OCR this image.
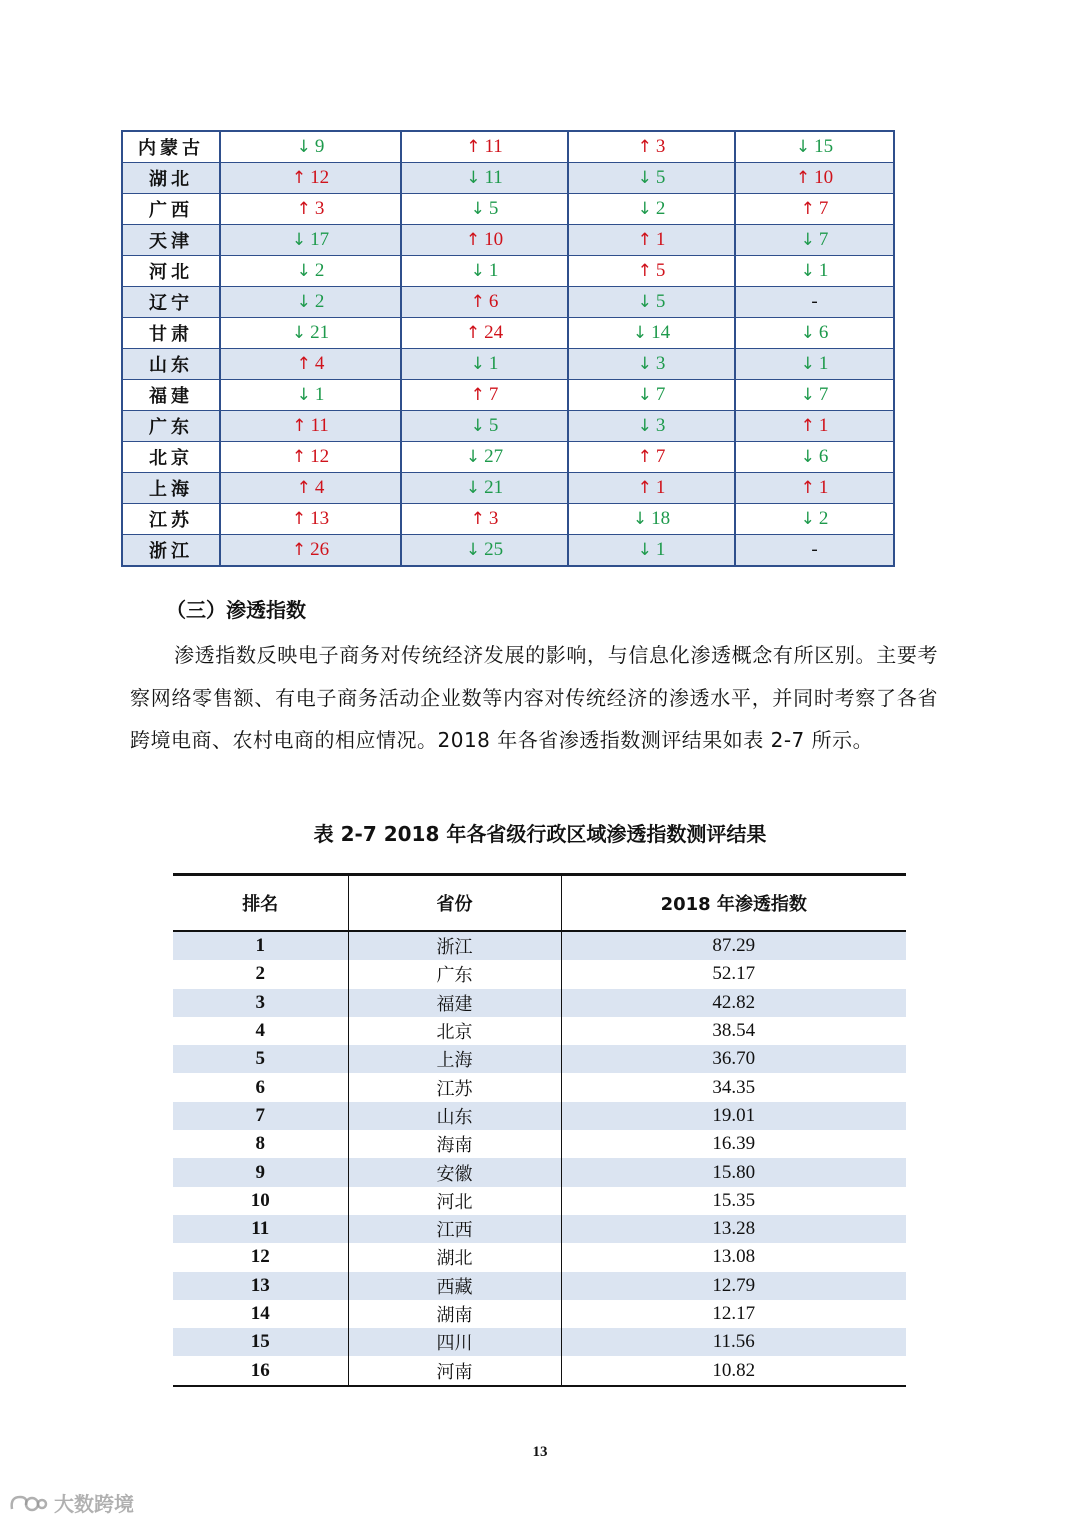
内蒙古	↓ 9	↑ 11	↑ 3	↓ 15
湖北	↑ 12	↓ 11	↓ 5	↑ 10
广西	↑ 3	↓ 5	↓ 2	↑ 7
天津	↓ 17	↑ 10	↑ 1	↓ 7
河北	↓ 2	↓ 1	↑ 5	↓ 1
辽宁	↓ 2	↑ 6	↓ 5	-
甘肃	↓ 21	↑ 24	↓ 14	↓ 6
山东	↑ 4	↓ 1	↓ 3	↓ 1
福建	↓ 1	↑ 7	↓ 7	↓ 7
广东	↑ 11	↓ 5	↓ 3	↑ 1
北京	↑ 12	↓ 27	↑ 7	↓ 6
上海	↑ 4	↓ 21	↑ 1	↑ 1
江苏	↑ 13	↑ 3	↓ 18	↓ 2
浙江	↑ 26	↓ 25	↓ 1	-
（三）渗透指数

渗透指数反映电子商务对传统经济发展的影响，与信息化渗透概念有所区别。主要考察网络零售额、有电子商务活动企业数等内容对传统经济的渗透水平，并同时考察了各省跨境电商、农村电商的相应情况。2018 年各省渗透指数测评结果如表 2-7 所示。

表 2-7 2018 年各省级行政区域渗透指数测评结果

排名	省份	2018 年渗透指数
1	浙江	87.29
2	广东	52.17
3	福建	42.82
4	北京	38.54
5	上海	36.70
6	江苏	34.35
7	山东	19.01
8	海南	16.39
9	安徽	15.80
10	河北	15.35
11	江西	13.28
12	湖北	13.08
13	西藏	12.79
14	湖南	12.17
15	四川	11.56
16	河南	10.82
13
大数跨境
